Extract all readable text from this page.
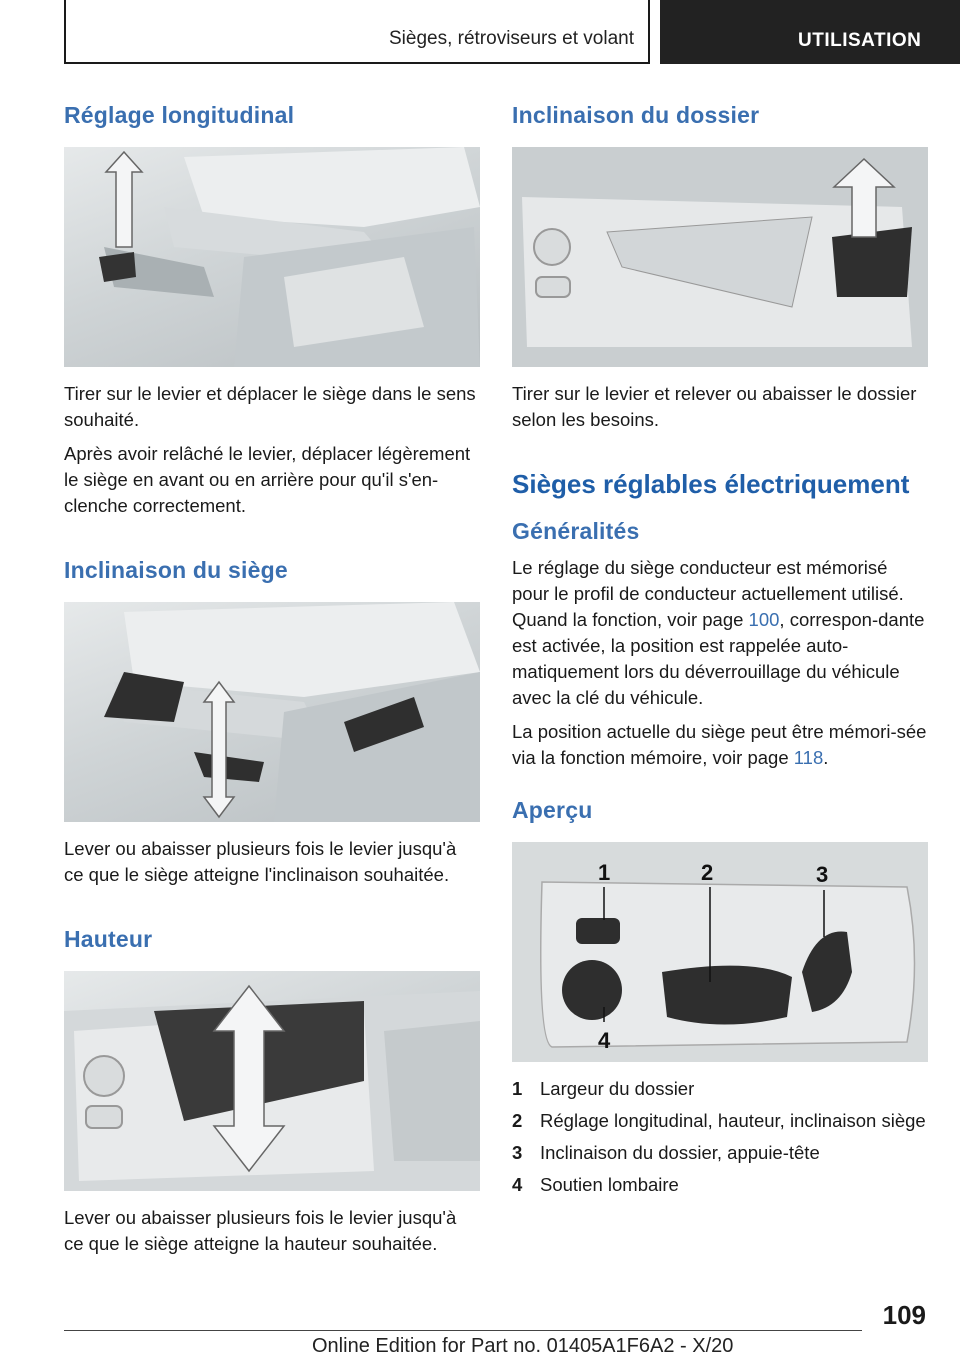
Sièges, rétroviseurs et volant	UTILISATION
Réglage longitudinal

Tirer sur le levier et déplacer le siège dans le sens souhaité.

Après avoir relâché le levier, déplacer légèrement le siège en avant ou en arrière pour qu'il s'en-clenche correctement.

Inclinaison du siège

Lever ou abaisser plusieurs fois le levier jusqu'à ce que le siège atteigne l'inclinaison souhaitée.

Hauteur

Lever ou abaisser plusieurs fois le levier jusqu'à ce que le siège atteigne la hauteur souhaitée.

Inclinaison du dossier

Tirer sur le levier et relever ou abaisser le dossier selon les besoins.

Sièges réglables électriquement
Généralités

Le réglage du siège conducteur est mémorisé pour le profil de conducteur actuellement utilisé. Quand la fonction, voir page 100, correspon-dante est activée, la position est rappelée auto-matiquement lors du déverrouillage du véhicule avec la clé du véhicule.

La position actuelle du siège peut être mémori-sée via la fonction mémoire, voir page 118.

Aperçu
1	2	3
4
1 Largeur du dossier
2 Réglage longitudinal, hauteur, inclinaison siège
3 Inclinaison du dossier, appuie-tête
4 Soutien lombaire
109
Online Edition for Part no. 01405A1F6A2 - X/20
